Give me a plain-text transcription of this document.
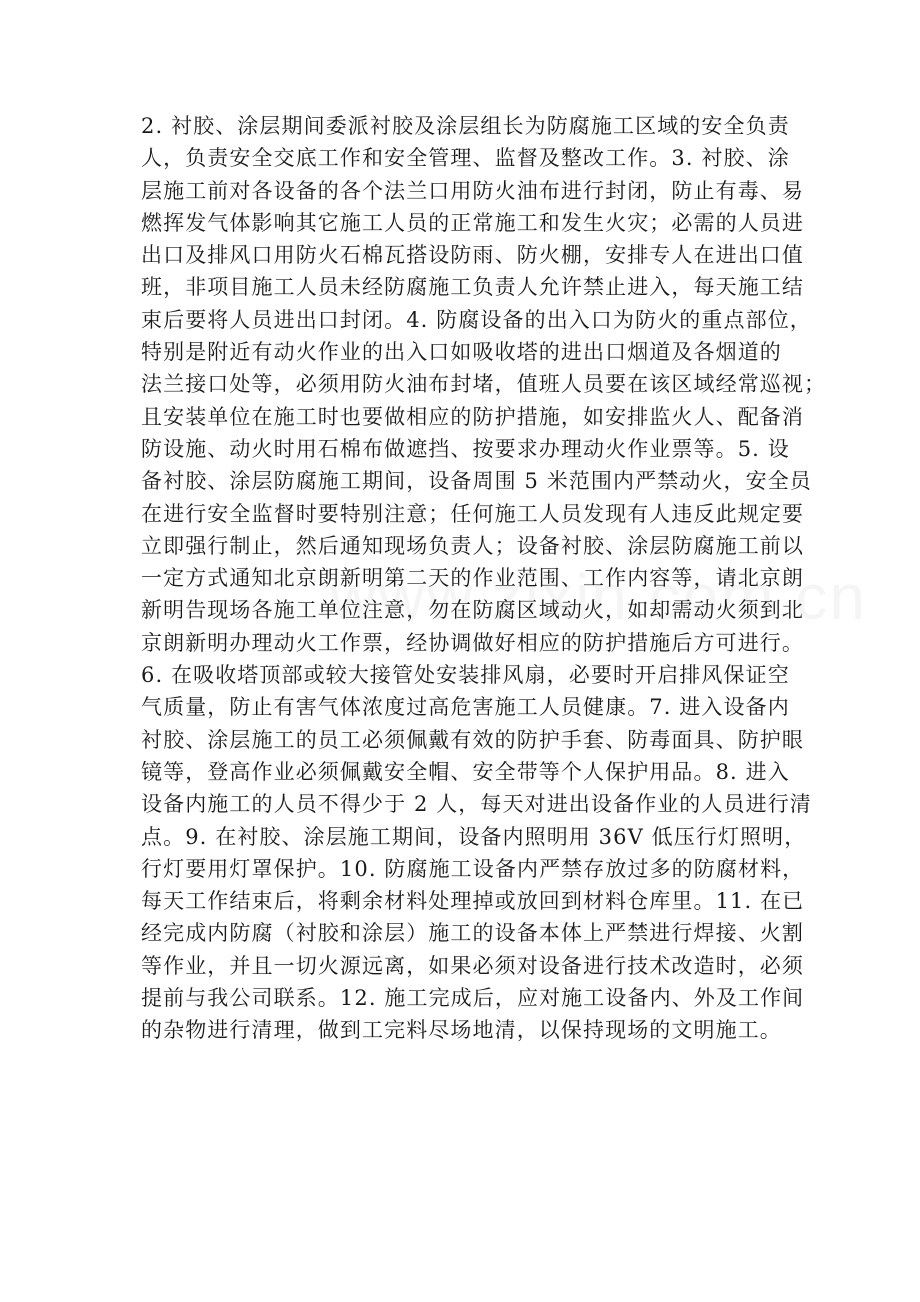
2. 衬胶、涂层期间委派衬胶及涂层组长为防腐施工区域的安全负责
人，负责安全交底工作和安全管理、监督及整改工作。3. 衬胶、涂
层施工前对各设备的各个法兰口用防火油布进行封闭，防止有毒、易
燃挥发气体影响其它施工人员的正常施工和发生火灾；必需的人员进
出口及排风口用防火石棉瓦搭设防雨、防火棚，安排专人在进出口值
班，非项目施工人员未经防腐施工负责人允许禁止进入，每天施工结
束后要将人员进出口封闭。4. 防腐设备的出入口为防火的重点部位，
特别是附近有动火作业的出入口如吸收塔的进出口烟道及各烟道的
法兰接口处等，必须用防火油布封堵，值班人员要在该区域经常巡视；
且安装单位在施工时也要做相应的防护措施，如安排监火人、配备消
防设施、动火时用石棉布做遮挡、按要求办理动火作业票等。5. 设
备衬胶、涂层防腐施工期间，设备周围 5 米范围内严禁动火，安全员
在进行安全监督时要特别注意；任何施工人员发现有人违反此规定要
立即强行制止，然后通知现场负责人；设备衬胶、涂层防腐施工前以
一定方式通知北京朗新明第二天的作业范围、工作内容等，请北京朗
新明告现场各施工单位注意，勿在防腐区域动火，如却需动火须到北
京朗新明办理动火工作票，经协调做好相应的防护措施后方可进行。
6. 在吸收塔顶部或较大接管处安装排风扇，必要时开启排风保证空
气质量，防止有害气体浓度过高危害施工人员健康。7. 进入设备内
衬胶、涂层施工的员工必须佩戴有效的防护手套、防毒面具、防护眼
镜等，登高作业必须佩戴安全帽、安全带等个人保护用品。8. 进入
设备内施工的人员不得少于 2 人，每天对进出设备作业的人员进行清
点。9. 在衬胶、涂层施工期间，设备内照明用 36V 低压行灯照明，
行灯要用灯罩保护。10. 防腐施工设备内严禁存放过多的防腐材料，
每天工作结束后，将剩余材料处理掉或放回到材料仓库里。11. 在已
经完成内防腐（衬胶和涂层）施工的设备本体上严禁进行焊接、火割
等作业，并且一切火源远离，如果必须对设备进行技术改造时，必须
提前与我公司联系。12. 施工完成后，应对施工设备内、外及工作间
的杂物进行清理，做到工完料尽场地清，以保持现场的文明施工。
